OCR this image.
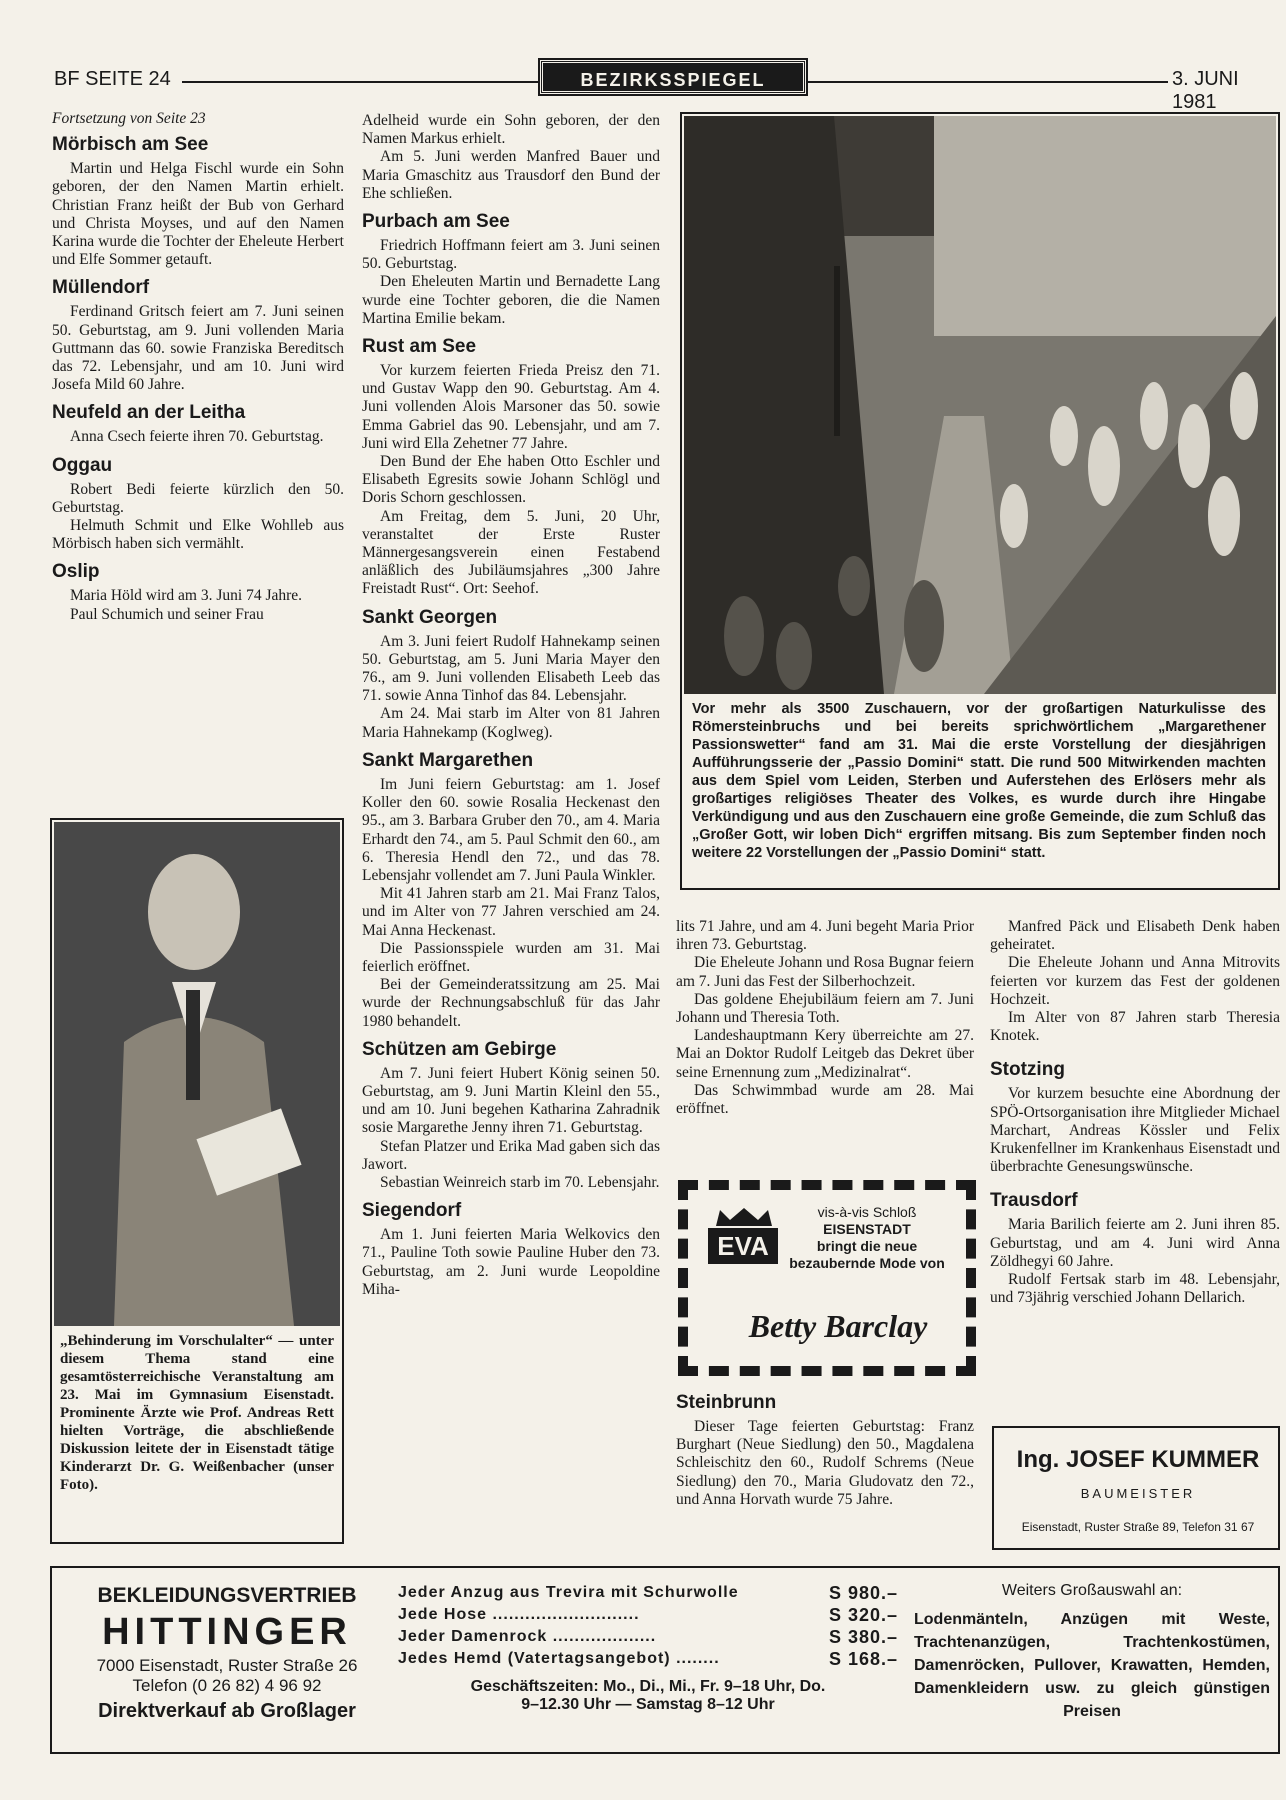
BF SEITE 24	BEZIRKSSPIEGEL	3. JUNI 1981

Fortsetzung von Seite 23

Mörbisch am See

Martin und Helga Fischl wurde ein Sohn geboren, der den Namen Martin erhielt. Christian Franz heißt der Bub von Gerhard und Christa Moyses, und auf den Namen Karina wurde die Tochter der Eheleute Herbert und Elfe Sommer getauft.

Müllendorf

Ferdinand Gritsch feiert am 7. Juni seinen 50. Geburtstag, am 9. Juni vollenden Maria Guttmann das 60. sowie Franziska Bereditsch das 72. Lebensjahr, und am 10. Juni wird Josefa Mild 60 Jahre.

Neufeld an der Leitha

Anna Csech feierte ihren 70. Geburtstag.

Oggau

Robert Bedi feierte kürzlich den 50. Geburtstag.

Helmuth Schmit und Elke Wohlleb aus Mörbisch haben sich vermählt.

Oslip

Maria Höld wird am 3. Juni 74 Jahre.

Paul Schumich und seiner Frau

„Behinderung im Vorschulalter“ — unter diesem Thema stand eine gesamtösterreichische Veranstaltung am 23. Mai im Gymnasium Eisenstadt. Prominente Ärzte wie Prof. Andreas Rett hielten Vorträge, die abschließende Diskussion leitete der in Eisenstadt tätige Kinderarzt Dr. G. Weißenbacher (unser Foto).

Adelheid wurde ein Sohn geboren, der den Namen Markus erhielt.

Am 5. Juni werden Manfred Bauer und Maria Gmaschitz aus Trausdorf den Bund der Ehe schließen.

Purbach am See

Friedrich Hoffmann feiert am 3. Juni seinen 50. Geburtstag.

Den Eheleuten Martin und Bernadette Lang wurde eine Tochter geboren, die die Namen Martina Emilie bekam.

Rust am See

Vor kurzem feierten Frieda Preisz den 71. und Gustav Wapp den 90. Geburtstag. Am 4. Juni vollenden Alois Marsoner das 50. sowie Emma Gabriel das 90. Lebensjahr, und am 7. Juni wird Ella Zehetner 77 Jahre.

Den Bund der Ehe haben Otto Eschler und Elisabeth Egresits sowie Johann Schlögl und Doris Schorn geschlossen.

Am Freitag, dem 5. Juni, 20 Uhr, veranstaltet der Erste Ruster Männergesangsverein einen Festabend anläßlich des Jubiläumsjahres „300 Jahre Freistadt Rust“. Ort: Seehof.

Sankt Georgen

Am 3. Juni feiert Rudolf Hahnekamp seinen 50. Geburtstag, am 5. Juni Maria Mayer den 76., am 9. Juni vollenden Elisabeth Leeb das 71. sowie Anna Tinhof das 84. Lebensjahr.

Am 24. Mai starb im Alter von 81 Jahren Maria Hahnekamp (Koglweg).

Sankt Margarethen

Im Juni feiern Geburtstag: am 1. Josef Koller den 60. sowie Rosalia Heckenast den 95., am 3. Barbara Gruber den 70., am 4. Maria Erhardt den 74., am 5. Paul Schmit den 60., am 6. Theresia Hendl den 72., und das 78. Lebensjahr vollendet am 7. Juni Paula Winkler.

Mit 41 Jahren starb am 21. Mai Franz Talos, und im Alter von 77 Jahren verschied am 24. Mai Anna Heckenast.

Die Passionsspiele wurden am 31. Mai feierlich eröffnet.

Bei der Gemeinderatssitzung am 25. Mai wurde der Rechnungsabschluß für das Jahr 1980 behandelt.

Schützen am Gebirge

Am 7. Juni feiert Hubert König seinen 50. Geburtstag, am 9. Juni Martin Kleinl den 55., und am 10. Juni begehen Katharina Zahradnik sosie Margarethe Jenny ihren 71. Geburtstag.

Stefan Platzer und Erika Mad gaben sich das Jawort.

Sebastian Weinreich starb im 70. Lebensjahr.

Siegendorf

Am 1. Juni feierten Maria Welkovics den 71., Pauline Toth sowie Pauline Huber den 73. Geburtstag, am 2. Juni wurde Leopoldine Miha-

Vor mehr als 3500 Zuschauern, vor der großartigen Naturkulisse des Römersteinbruchs und bei bereits sprichwörtlichem „Margarethener Passionswetter“ fand am 31. Mai die erste Vorstellung der diesjährigen Aufführungsserie der „Passio Domini“ statt. Die rund 500 Mitwirkenden machten aus dem Spiel vom Leiden, Sterben und Auferstehen des Erlösers mehr als großartiges religiöses Theater des Volkes, es wurde durch ihre Hingabe Verkündigung und aus den Zuschauern eine große Gemeinde, die zum Schluß das „Großer Gott, wir loben Dich“ ergriffen mitsang. Bis zum September finden noch weitere 22 Vorstellungen der „Passio Domini“ statt.

lits 71 Jahre, und am 4. Juni begeht Maria Prior ihren 73. Geburtstag.

Die Eheleute Johann und Rosa Bugnar feiern am 7. Juni das Fest der Silberhochzeit.

Das goldene Ehejubiläum feiern am 7. Juni Johann und Theresia Toth.

Landeshauptmann Kery überreichte am 27. Mai an Doktor Rudolf Leitgeb das Dekret über seine Ernennung zum „Medizinalrat“.

Das Schwimmbad wurde am 28. Mai eröffnet.

EVA
vis-à-vis Schloß
EISENSTADT
bringt die neue
bezaubernde Mode von
Betty Barclay
Steinbrunn

Dieser Tage feierten Geburtstag: Franz Burghart (Neue Siedlung) den 50., Magdalena Schleischitz den 60., Rudolf Schrems (Neue Siedlung) den 70., Maria Gludovatz den 72., und Anna Horvath wurde 75 Jahre.

Manfred Päck und Elisabeth Denk haben geheiratet.

Die Eheleute Johann und Anna Mitrovits feierten vor kurzem das Fest der goldenen Hochzeit.

Im Alter von 87 Jahren starb Theresia Knotek.

Stotzing

Vor kurzem besuchte eine Abordnung der SPÖ-Ortsorganisation ihre Mitglieder Michael Marchart, Andreas Kössler und Felix Krukenfellner im Krankenhaus Eisenstadt und überbrachte Genesungswünsche.

Trausdorf

Maria Barilich feierte am 2. Juni ihren 85. Geburtstag, und am 4. Juni wird Anna Zöldhegyi 60 Jahre.

Rudolf Fertsak starb im 48. Lebensjahr, und 73jährig verschied Johann Dellarich.

Ing. JOSEF KUMMER
BAUMEISTER
Eisenstadt, Ruster Straße 89, Telefon 31 67
BEKLEIDUNGSVERTRIEB
HITTINGER
7000 Eisenstadt, Ruster Straße 26
Telefon (0 26 82) 4 96 92
Direktverkauf ab Großlager
Jeder Anzug aus Trevira mit Schurwolle	S 980.–
Jede Hose ...........................	S 320.–
Jeder Damenrock ...................	S 380.–
Jedes Hemd (Vatertagsangebot) ........	S 168.–
Geschäftszeiten: Mo., Di., Mi., Fr. 9–18 Uhr, Do.
9–12.30 Uhr — Samstag 8–12 Uhr
Weiters Großauswahl an:
Lodenmänteln, Anzügen mit Weste, Trachtenanzügen, Trachtenkostümen, Damenröcken, Pullover, Krawatten, Hemden, Damenkleidern usw. zu gleich günstigen Preisen
